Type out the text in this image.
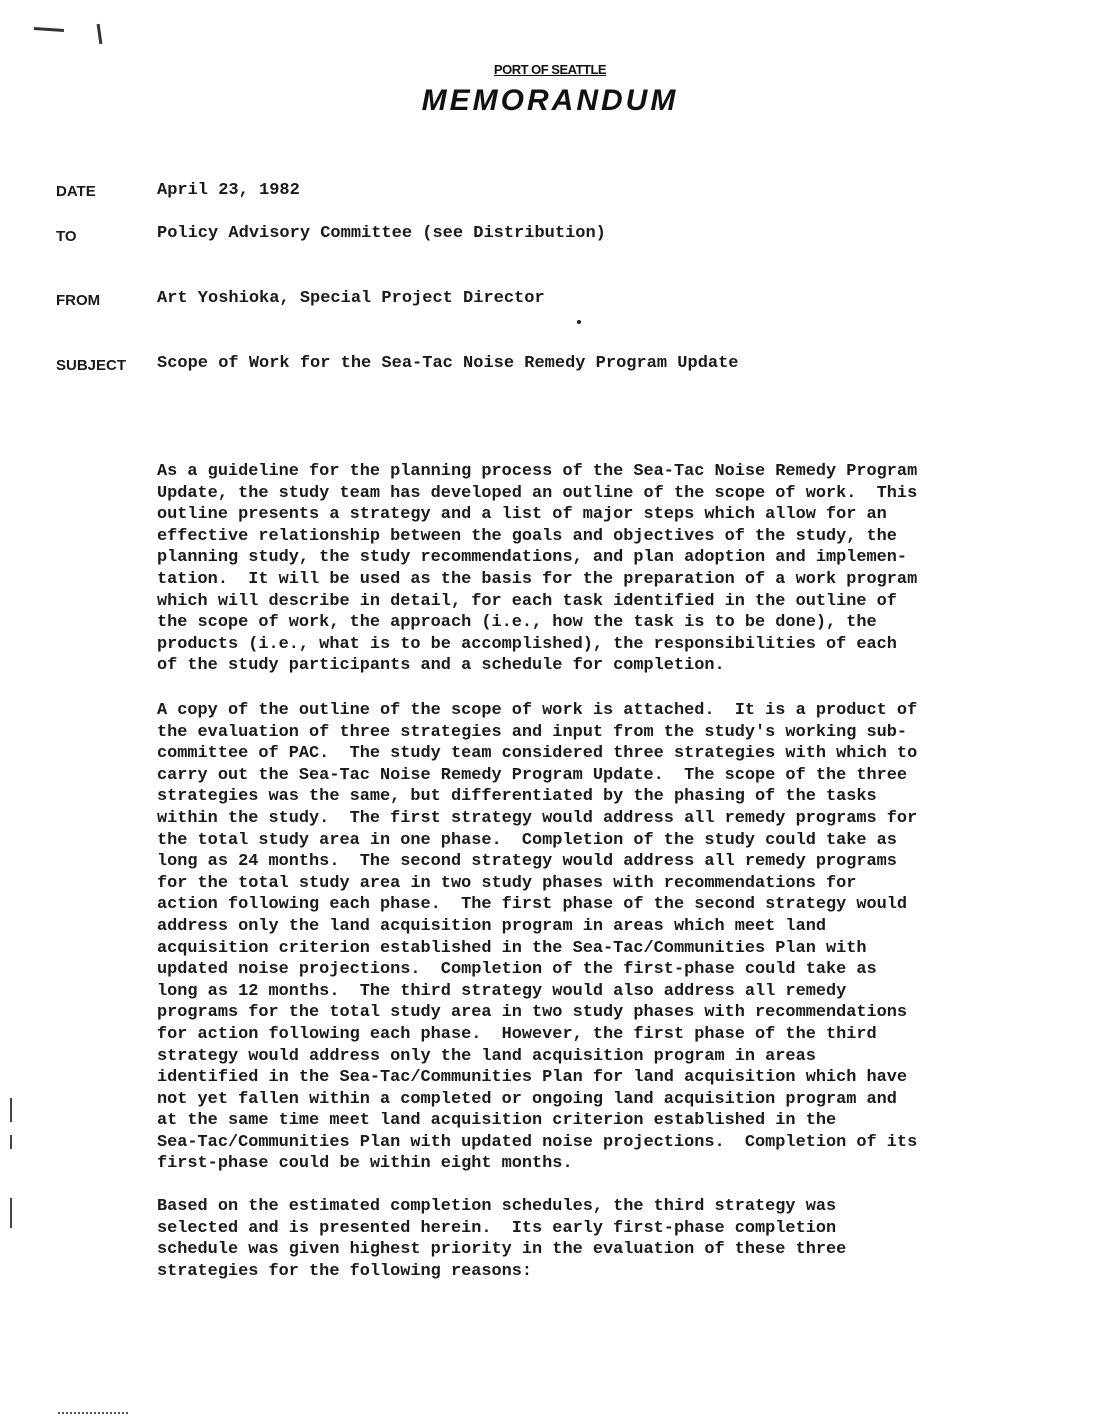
PORT OF SEATTLE
MEMORANDUM
DATE	April 23, 1982
TO	Policy Advisory Committee (see Distribution)
FROM	Art Yoshioka, Special Project Director
SUBJECT Scope of Work for the Sea-Tac Noise Remedy Program Update
As a guideline for the planning process of the Sea-Tac Noise Remedy Program
Update, the study team has developed an outline of the scope of work.  This
outline presents a strategy and a list of major steps which allow for an
effective relationship between the goals and objectives of the study, the
planning study, the study recommendations, and plan adoption and implemen-
tation.  It will be used as the basis for the preparation of a work program
which will describe in detail, for each task identified in the outline of
the scope of work, the approach (i.e., how the task is to be done), the
products (i.e., what is to be accomplished), the responsibilities of each
of the study participants and a schedule for completion.
A copy of the outline of the scope of work is attached.  It is a product of
the evaluation of three strategies and input from the study's working sub-
committee of PAC.  The study team considered three strategies with which to
carry out the Sea-Tac Noise Remedy Program Update.  The scope of the three
strategies was the same, but differentiated by the phasing of the tasks
within the study.  The first strategy would address all remedy programs for
the total study area in one phase.  Completion of the study could take as
long as 24 months.  The second strategy would address all remedy programs
for the total study area in two study phases with recommendations for
action following each phase.  The first phase of the second strategy would
address only the land acquisition program in areas which meet land
acquisition criterion established in the Sea-Tac/Communities Plan with
updated noise projections.  Completion of the first-phase could take as
long as 12 months.  The third strategy would also address all remedy
programs for the total study area in two study phases with recommendations
for action following each phase.  However, the first phase of the third
strategy would address only the land acquisition program in areas
identified in the Sea-Tac/Communities Plan for land acquisition which have
not yet fallen within a completed or ongoing land acquisition program and
at the same time meet land acquisition criterion established in the
Sea-Tac/Communities Plan with updated noise projections.  Completion of its
first-phase could be within eight months.
Based on the estimated completion schedules, the third strategy was
selected and is presented herein.  Its early first-phase completion
schedule was given highest priority in the evaluation of these three
strategies for the following reasons:
